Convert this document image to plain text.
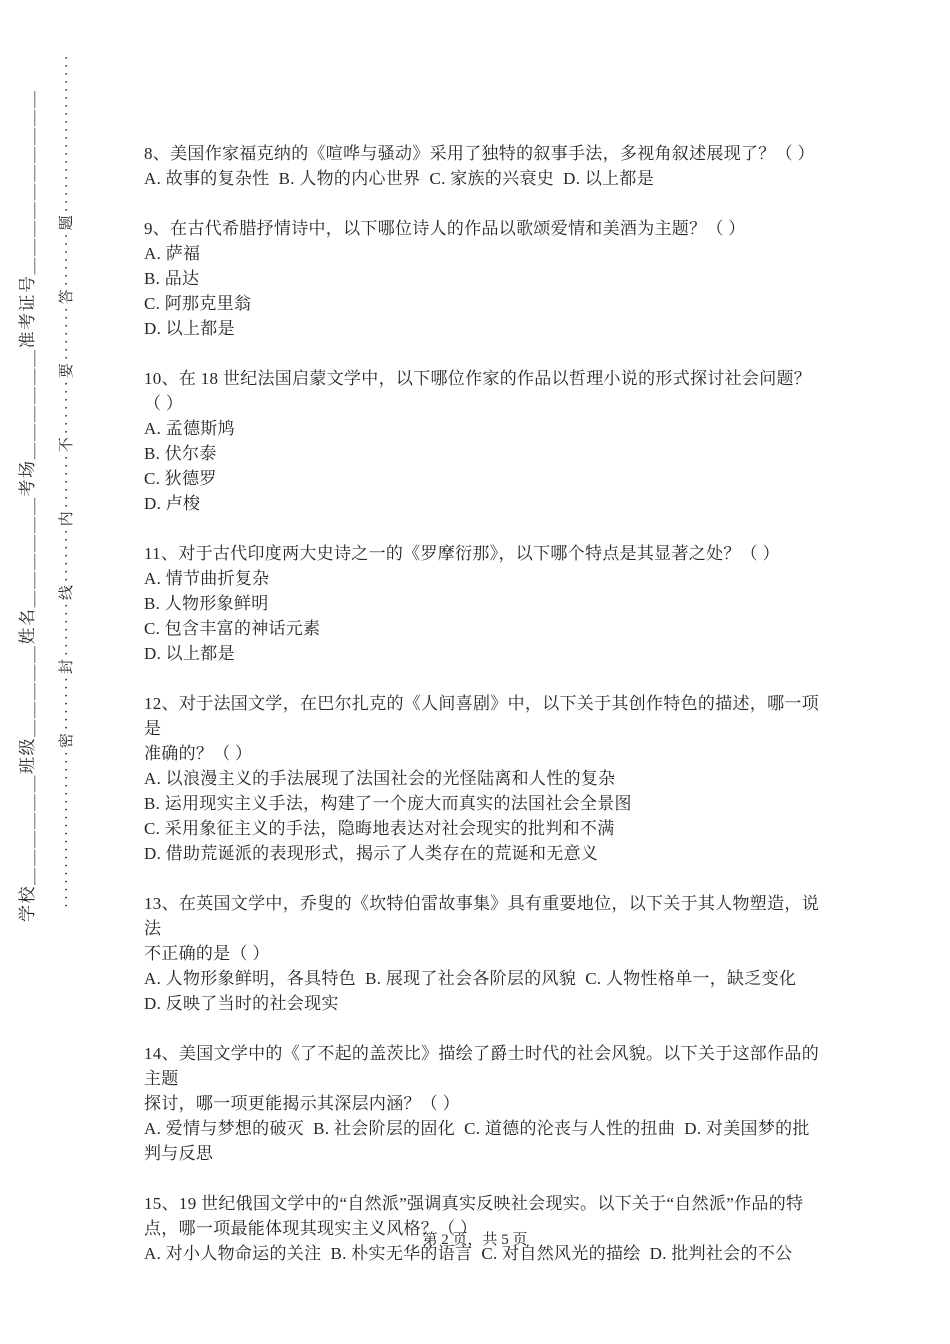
学校＿＿＿＿＿＿班级＿＿＿＿＿姓名＿＿＿＿＿＿考场＿＿＿＿＿＿准考证号＿＿＿＿＿＿＿＿＿＿ ····················密·······封·······线·······内·······不·······要·······答·······题····················	8、美国作家福克纳的《喧哗与骚动》采用了独特的叙事手法，多视角叙述展现了？（ ）
A. 故事的复杂性  B. 人物的内心世界  C. 家族的兴衰史  D. 以上都是
9、在古代希腊抒情诗中，以下哪位诗人的作品以歌颂爱情和美酒为主题？（ ）
A. 萨福
B. 品达
C. 阿那克里翁
D. 以上都是
10、在 18 世纪法国启蒙文学中，以下哪位作家的作品以哲理小说的形式探讨社会问题？
（ ）
A. 孟德斯鸠
B. 伏尔泰
C. 狄德罗
D. 卢梭
11、对于古代印度两大史诗之一的《罗摩衍那》，以下哪个特点是其显著之处？（ ）
A. 情节曲折复杂
B. 人物形象鲜明
C. 包含丰富的神话元素
D. 以上都是
12、对于法国文学，在巴尔扎克的《人间喜剧》中，以下关于其创作特色的描述，哪一项是
准确的？（ ）
A. 以浪漫主义的手法展现了法国社会的光怪陆离和人性的复杂
B. 运用现实主义手法，构建了一个庞大而真实的法国社会全景图
C. 采用象征主义的手法，隐晦地表达对社会现实的批判和不满
D. 借助荒诞派的表现形式，揭示了人类存在的荒诞和无意义
13、在英国文学中，乔叟的《坎特伯雷故事集》具有重要地位，以下关于其人物塑造，说法
不正确的是（ ）
A. 人物形象鲜明，各具特色  B. 展现了社会各阶层的风貌  C. 人物性格单一，缺乏变化
D. 反映了当时的社会现实
14、美国文学中的《了不起的盖茨比》描绘了爵士时代的社会风貌。以下关于这部作品的主题
探讨，哪一项更能揭示其深层内涵？（ ）
A. 爱情与梦想的破灭  B. 社会阶层的固化  C. 道德的沦丧与人性的扭曲  D. 对美国梦的批
判与反思
15、19 世纪俄国文学中的“自然派”强调真实反映社会现实。以下关于“自然派”作品的特
点，哪一项最能体现其现实主义风格？（ ）
A. 对小人物命运的关注  B. 朴实无华的语言  C. 对自然风光的描绘  D. 批判社会的不公
第 2 页，共 5 页
